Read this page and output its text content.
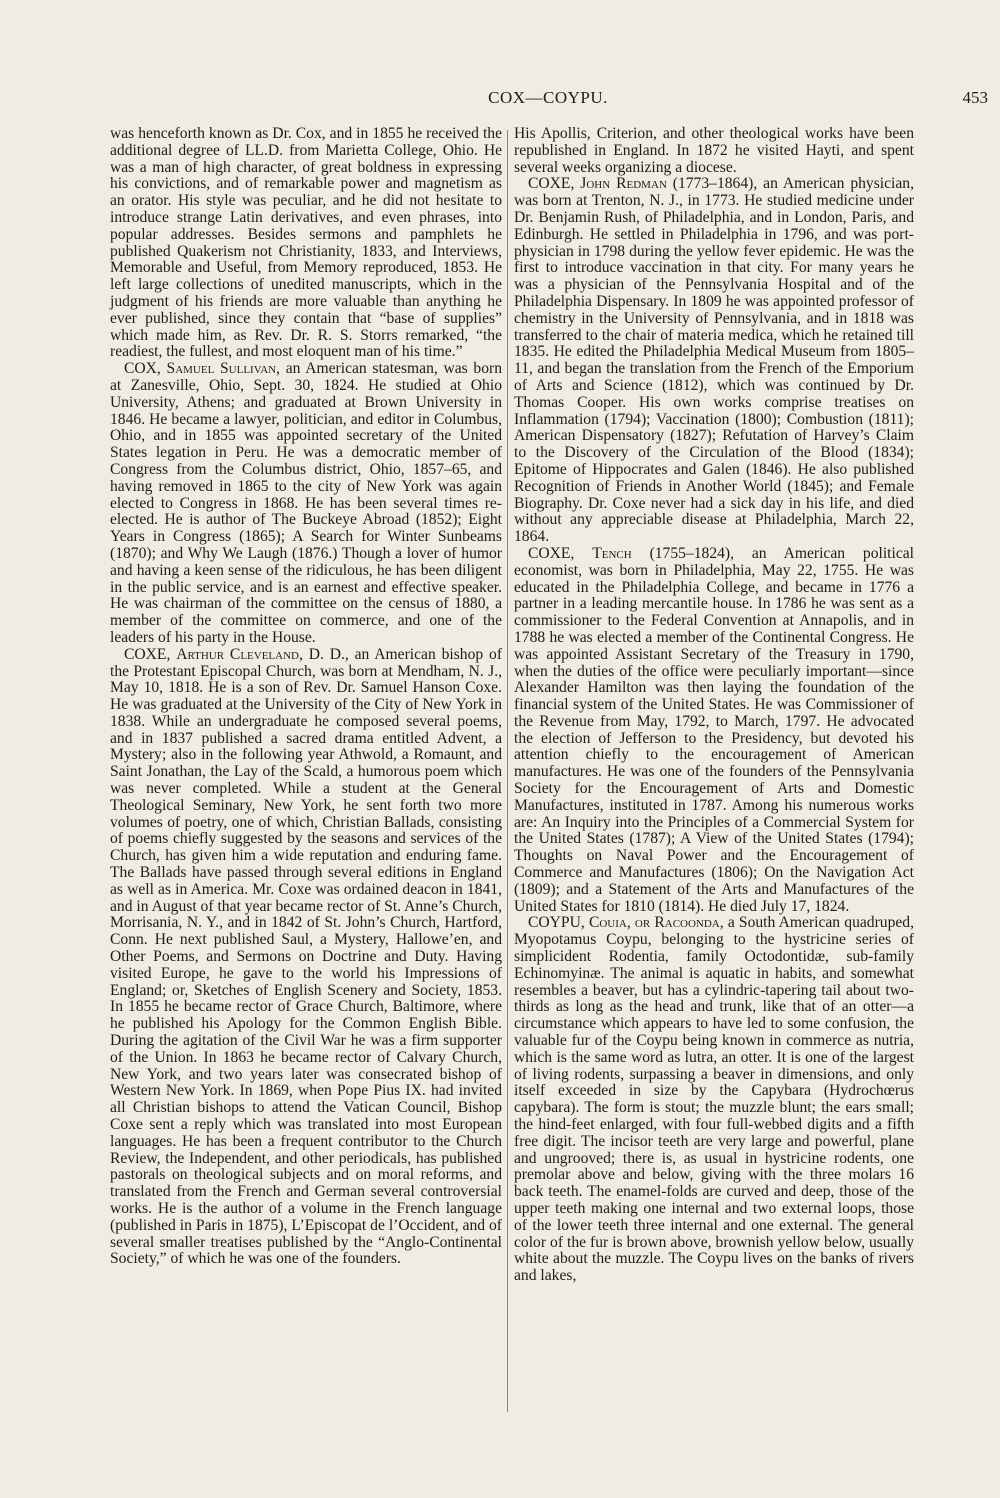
COX—COYPU.	453

was henceforth known as Dr. Cox, and in 1855 he received the additional degree of LL.D. from Marietta College, Ohio. He was a man of high character, of great boldness in expressing his convictions, and of remarkable power and magnetism as an orator. His style was peculiar, and he did not hesitate to introduce strange Latin derivatives, and even phrases, into popular addresses. Besides sermons and pamphlets he published Quakerism not Christianity, 1833, and Interviews, Memorable and Useful, from Memory reproduced, 1853. He left large collections of unedited manuscripts, which in the judgment of his friends are more valuable than anything he ever published, since they contain that “base of supplies” which made him, as Rev. Dr. R. S. Storrs remarked, “the readiest, the fullest, and most eloquent man of his time.”

COX, Samuel Sullivan, an American statesman, was born at Zanesville, Ohio, Sept. 30, 1824. He studied at Ohio University, Athens; and graduated at Brown University in 1846. He became a lawyer, politician, and editor in Columbus, Ohio, and in 1855 was appointed secretary of the United States legation in Peru. He was a democratic member of Congress from the Columbus district, Ohio, 1857–65, and having removed in 1865 to the city of New York was again elected to Congress in 1868. He has been several times re-elected. He is author of The Buckeye Abroad (1852); Eight Years in Congress (1865); A Search for Winter Sunbeams (1870); and Why We Laugh (1876.) Though a lover of humor and having a keen sense of the ridiculous, he has been diligent in the public service, and is an earnest and effective speaker. He was chairman of the committee on the census of 1880, a member of the committee on commerce, and one of the leaders of his party in the House.

COXE, Arthur Cleveland, D. D., an American bishop of the Protestant Episcopal Church, was born at Mendham, N. J., May 10, 1818. He is a son of Rev. Dr. Samuel Hanson Coxe. He was graduated at the University of the City of New York in 1838. While an undergraduate he composed several poems, and in 1837 published a sacred drama entitled Advent, a Mystery; also in the following year Athwold, a Romaunt, and Saint Jonathan, the Lay of the Scald, a humorous poem which was never completed. While a student at the General Theological Seminary, New York, he sent forth two more volumes of poetry, one of which, Christian Ballads, consisting of poems chiefly suggested by the seasons and services of the Church, has given him a wide reputation and enduring fame. The Ballads have passed through several editions in England as well as in America. Mr. Coxe was ordained deacon in 1841, and in August of that year became rector of St. Anne’s Church, Morrisania, N. Y., and in 1842 of St. John’s Church, Hartford, Conn. He next published Saul, a Mystery, Hallowe’en, and Other Poems, and Sermons on Doctrine and Duty. Having visited Europe, he gave to the world his Impressions of England; or, Sketches of English Scenery and Society, 1853. In 1855 he became rector of Grace Church, Baltimore, where he published his Apology for the Common English Bible. During the agitation of the Civil War he was a firm supporter of the Union. In 1863 he became rector of Calvary Church, New York, and two years later was consecrated bishop of Western New York. In 1869, when Pope Pius IX. had invited all Christian bishops to attend the Vatican Council, Bishop Coxe sent a reply which was translated into most European languages. He has been a frequent contributor to the Church Review, the Independent, and other periodicals, has published pastorals on theological subjects and on moral reforms, and translated from the French and German several controversial works. He is the author of a volume in the French language (published in Paris in 1875), L’Episcopat de l’Occident, and of several smaller treatises published by the “Anglo-Continental Society,” of which he was one of the founders.

His Apollis, Criterion, and other theological works have been republished in England. In 1872 he visited Hayti, and spent several weeks organizing a diocese.

COXE, John Redman (1773–1864), an American physician, was born at Trenton, N. J., in 1773. He studied medicine under Dr. Benjamin Rush, of Philadelphia, and in London, Paris, and Edinburgh. He settled in Philadelphia in 1796, and was port-physician in 1798 during the yellow fever epidemic. He was the first to introduce vaccination in that city. For many years he was a physician of the Pennsylvania Hospital and of the Philadelphia Dispensary. In 1809 he was appointed professor of chemistry in the University of Pennsylvania, and in 1818 was transferred to the chair of materia medica, which he retained till 1835. He edited the Philadelphia Medical Museum from 1805–11, and began the translation from the French of the Emporium of Arts and Science (1812), which was continued by Dr. Thomas Cooper. His own works comprise treatises on Inflammation (1794); Vaccination (1800); Combustion (1811); American Dispensatory (1827); Refutation of Harvey’s Claim to the Discovery of the Circulation of the Blood (1834); Epitome of Hippocrates and Galen (1846). He also published Recognition of Friends in Another World (1845); and Female Biography. Dr. Coxe never had a sick day in his life, and died without any appreciable disease at Philadelphia, March 22, 1864.

COXE, Tench (1755–1824), an American political economist, was born in Philadelphia, May 22, 1755. He was educated in the Philadelphia College, and became in 1776 a partner in a leading mercantile house. In 1786 he was sent as a commissioner to the Federal Convention at Annapolis, and in 1788 he was elected a member of the Continental Congress. He was appointed Assistant Secretary of the Treasury in 1790, when the duties of the office were peculiarly important—since Alexander Hamilton was then laying the foundation of the financial system of the United States. He was Commissioner of the Revenue from May, 1792, to March, 1797. He advocated the election of Jefferson to the Presidency, but devoted his attention chiefly to the encouragement of American manufactures. He was one of the founders of the Pennsylvania Society for the Encouragement of Arts and Domestic Manufactures, instituted in 1787. Among his numerous works are: An Inquiry into the Principles of a Commercial System for the United States (1787); A View of the United States (1794); Thoughts on Naval Power and the Encouragement of Commerce and Manufactures (1806); On the Navigation Act (1809); and a Statement of the Arts and Manufactures of the United States for 1810 (1814). He died July 17, 1824.

COYPU, Couia, or Racoonda, a South American quadruped, Myopotamus Coypu, belonging to the hystricine series of simplicident Rodentia, family Octodontidæ, sub-family Echinomyinæ. The animal is aquatic in habits, and somewhat resembles a beaver, but has a cylindric-tapering tail about two-thirds as long as the head and trunk, like that of an otter—a circumstance which appears to have led to some confusion, the valuable fur of the Coypu being known in commerce as nutria, which is the same word as lutra, an otter. It is one of the largest of living rodents, surpassing a beaver in dimensions, and only itself exceeded in size by the Capybara (Hydrochœrus capybara). The form is stout; the muzzle blunt; the ears small; the hind-feet enlarged, with four full-webbed digits and a fifth free digit. The incisor teeth are very large and powerful, plane and ungrooved; there is, as usual in hystricine rodents, one premolar above and below, giving with the three molars 16 back teeth. The enamel-folds are curved and deep, those of the upper teeth making one internal and two external loops, those of the lower teeth three internal and one external. The general color of the fur is brown above, brownish yellow below, usually white about the muzzle. The Coypu lives on the banks of rivers and lakes,
